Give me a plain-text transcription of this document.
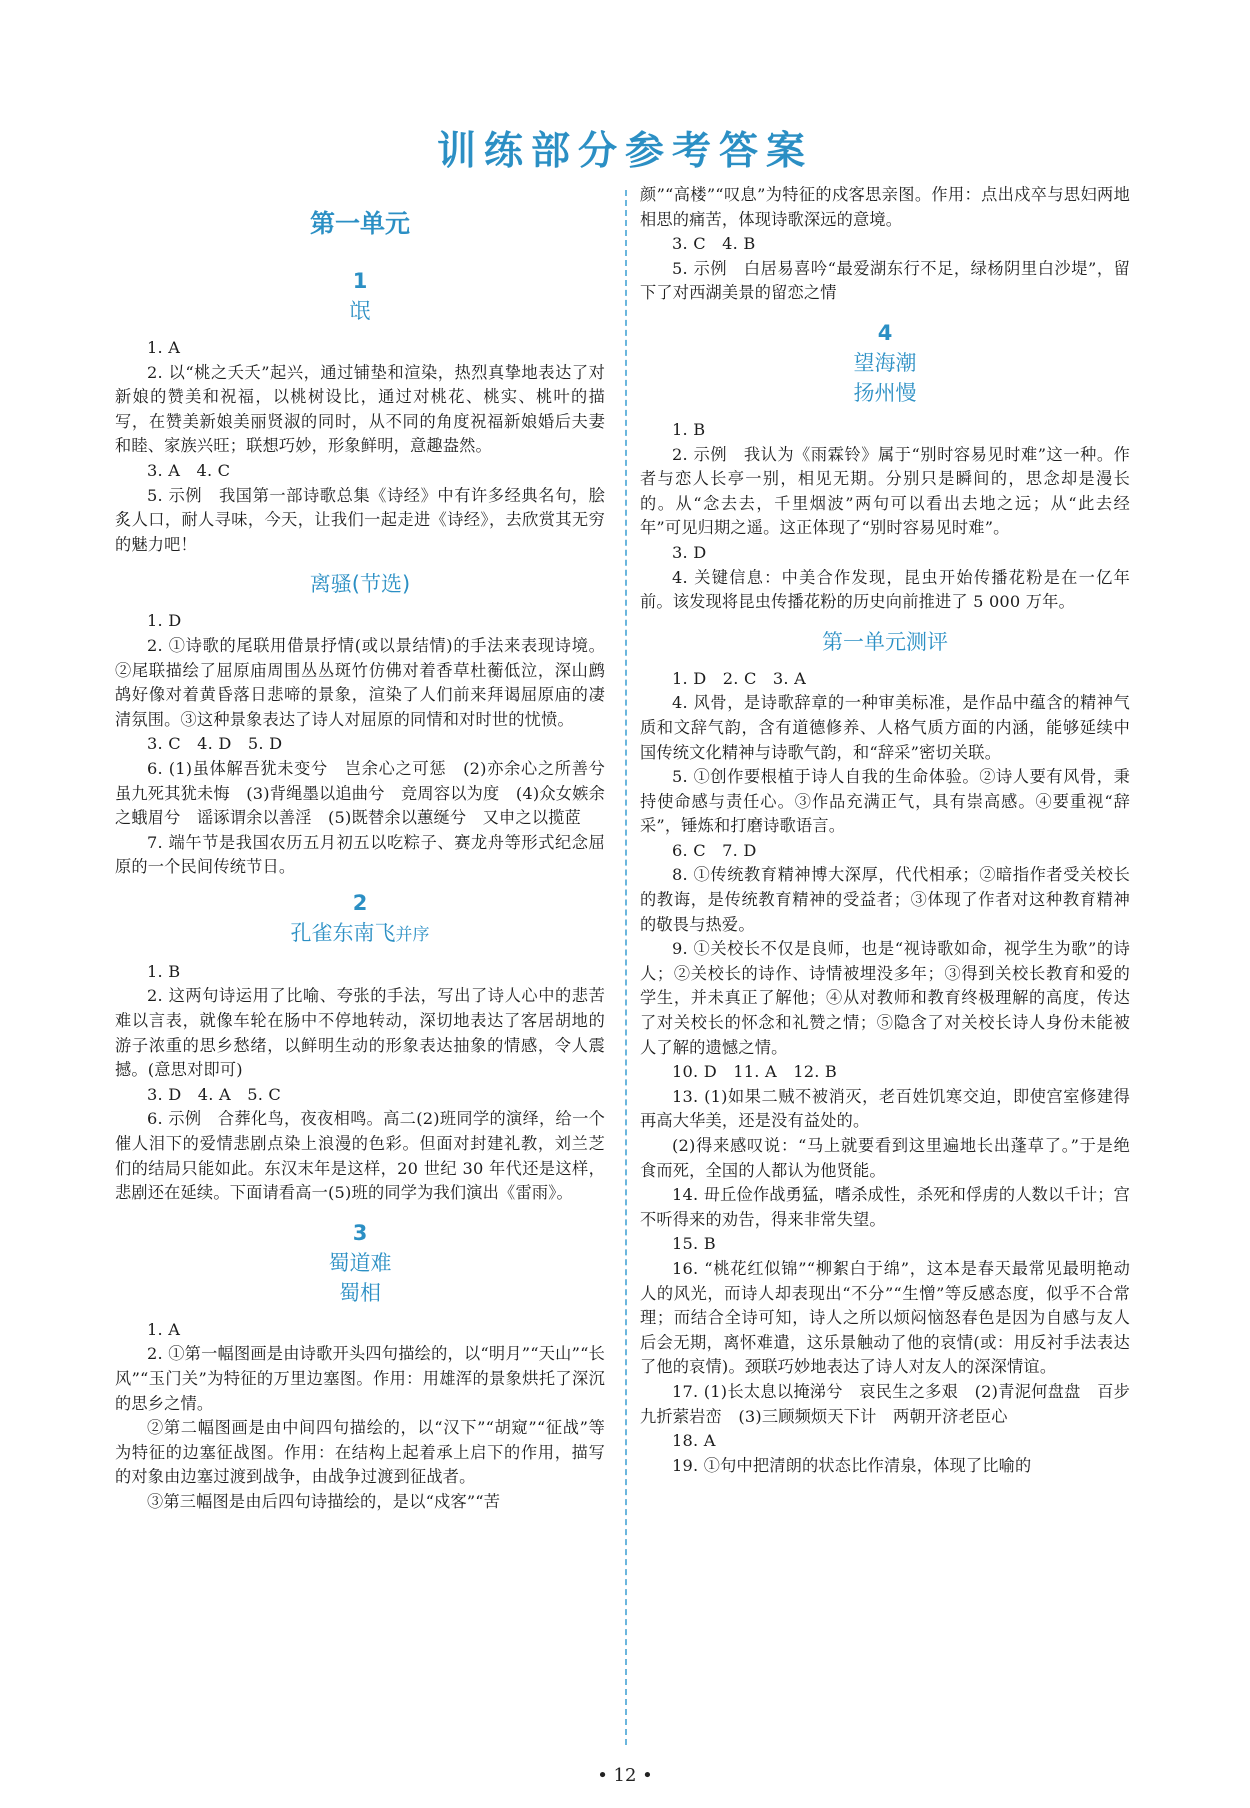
训练部分参考答案
第一单元
1
氓

1. A

2. 以“桃之夭夭”起兴，通过铺垫和渲染，热烈真挚地表达了对新娘的赞美和祝福，以桃树设比，通过对桃花、桃实、桃叶的描写，在赞美新娘美丽贤淑的同时，从不同的角度祝福新娘婚后夫妻和睦、家族兴旺；联想巧妙，形象鲜明，意趣盎然。

3. A　4. C

5. 示例　我国第一部诗歌总集《诗经》中有许多经典名句，脍炙人口，耐人寻味，今天，让我们一起走进《诗经》，去欣赏其无穷的魅力吧！

离骚(节选)

1. D

2. ①诗歌的尾联用借景抒情(或以景结情)的手法来表现诗境。②尾联描绘了屈原庙周围丛丛斑竹仿佛对着香草杜蘅低泣，深山鹧鸪好像对着黄昏落日悲啼的景象，渲染了人们前来拜谒屈原庙的凄清氛围。③这种景象表达了诗人对屈原的同情和对时世的忧愤。

3. C　4. D　5. D

6. (1)虽体解吾犹未变兮　岂余心之可惩　(2)亦余心之所善兮　虽九死其犹未悔　(3)背绳墨以追曲兮　竞周容以为度　(4)众女嫉余之蛾眉兮　谣诼谓余以善淫　(5)既替余以蕙𫄧兮　又申之以揽茝

7. 端午节是我国农历五月初五以吃粽子、赛龙舟等形式纪念屈原的一个民间传统节日。

2
孔雀东南飞并序

1. B

2. 这两句诗运用了比喻、夸张的手法，写出了诗人心中的悲苦难以言表，就像车轮在肠中不停地转动，深切地表达了客居胡地的游子浓重的思乡愁绪，以鲜明生动的形象表达抽象的情感，令人震撼。(意思对即可)

3. D　4. A　5. C

6. 示例　合葬化鸟，夜夜相鸣。高二(2)班同学的演绎，给一个催人泪下的爱情悲剧点染上浪漫的色彩。但面对封建礼教，刘兰芝们的结局只能如此。东汉末年是这样，20 世纪 30 年代还是这样，悲剧还在延续。下面请看高一(5)班的同学为我们演出《雷雨》。

3
蜀道难
蜀相

1. A

2. ①第一幅图画是由诗歌开头四句描绘的，以“明月”“天山”“长风”“玉门关”为特征的万里边塞图。作用：用雄浑的景象烘托了深沉的思乡之情。

②第二幅图画是由中间四句描绘的，以“汉下”“胡窥”“征战”等为特征的边塞征战图。作用：在结构上起着承上启下的作用，描写的对象由边塞过渡到战争，由战争过渡到征战者。

③第三幅图是由后四句诗描绘的，是以“戍客”“苦

颜”“高楼”“叹息”为特征的戍客思亲图。作用：点出戍卒与思妇两地相思的痛苦，体现诗歌深远的意境。

3. C　4. B

5. 示例　白居易喜吟“最爱湖东行不足，绿杨阴里白沙堤”，留下了对西湖美景的留恋之情

4
望海潮
扬州慢

1. B

2. 示例　我认为《雨霖铃》属于“别时容易见时难”这一种。作者与恋人长亭一别，相见无期。分别只是瞬间的，思念却是漫长的。从“念去去，千里烟波”两句可以看出去地之远；从“此去经年”可见归期之遥。这正体现了“别时容易见时难”。

3. D

4. 关键信息：中美合作发现，昆虫开始传播花粉是在一亿年前。该发现将昆虫传播花粉的历史向前推进了 5 000 万年。

第一单元测评

1. D　2. C　3. A

4. 风骨，是诗歌辞章的一种审美标准，是作品中蕴含的精神气质和文辞气韵，含有道德修养、人格气质方面的内涵，能够延续中国传统文化精神与诗歌气韵，和“辞采”密切关联。

5. ①创作要根植于诗人自我的生命体验。②诗人要有风骨，秉持使命感与责任心。③作品充满正气，具有崇高感。④要重视“辞采”，锤炼和打磨诗歌语言。

6. C　7. D

8. ①传统教育精神博大深厚，代代相承；②暗指作者受关校长的教诲，是传统教育精神的受益者；③体现了作者对这种教育精神的敬畏与热爱。

9. ①关校长不仅是良师，也是“视诗歌如命，视学生为歌”的诗人；②关校长的诗作、诗情被埋没多年；③得到关校长教育和爱的学生，并未真正了解他；④从对教师和教育终极理解的高度，传达了对关校长的怀念和礼赞之情；⑤隐含了对关校长诗人身份未能被人了解的遗憾之情。

10. D　11. A　12. B

13. (1)如果二贼不被消灭，老百姓饥寒交迫，即使宫室修建得再高大华美，还是没有益处的。

(2)得来感叹说：“马上就要看到这里遍地长出蓬草了。”于是绝食而死，全国的人都认为他贤能。

14. 毌丘俭作战勇猛，嗜杀成性，杀死和俘虏的人数以千计；宫不听得来的劝告，得来非常失望。

15. B

16. “桃花红似锦”“柳絮白于绵”，这本是春天最常见最明艳动人的风光，而诗人却表现出“不分”“生憎”等反感态度，似乎不合常理；而结合全诗可知，诗人之所以烦闷恼怒春色是因为自感与友人后会无期，离怀难遣，这乐景触动了他的哀情(或：用反衬手法表达了他的哀情)。颈联巧妙地表达了诗人对友人的深深情谊。

17. (1)长太息以掩涕兮　哀民生之多艰　(2)青泥何盘盘　百步九折萦岩峦　(3)三顾频烦天下计　两朝开济老臣心

18. A

19. ①句中把清朗的状态比作清泉，体现了比喻的

• 12 •
